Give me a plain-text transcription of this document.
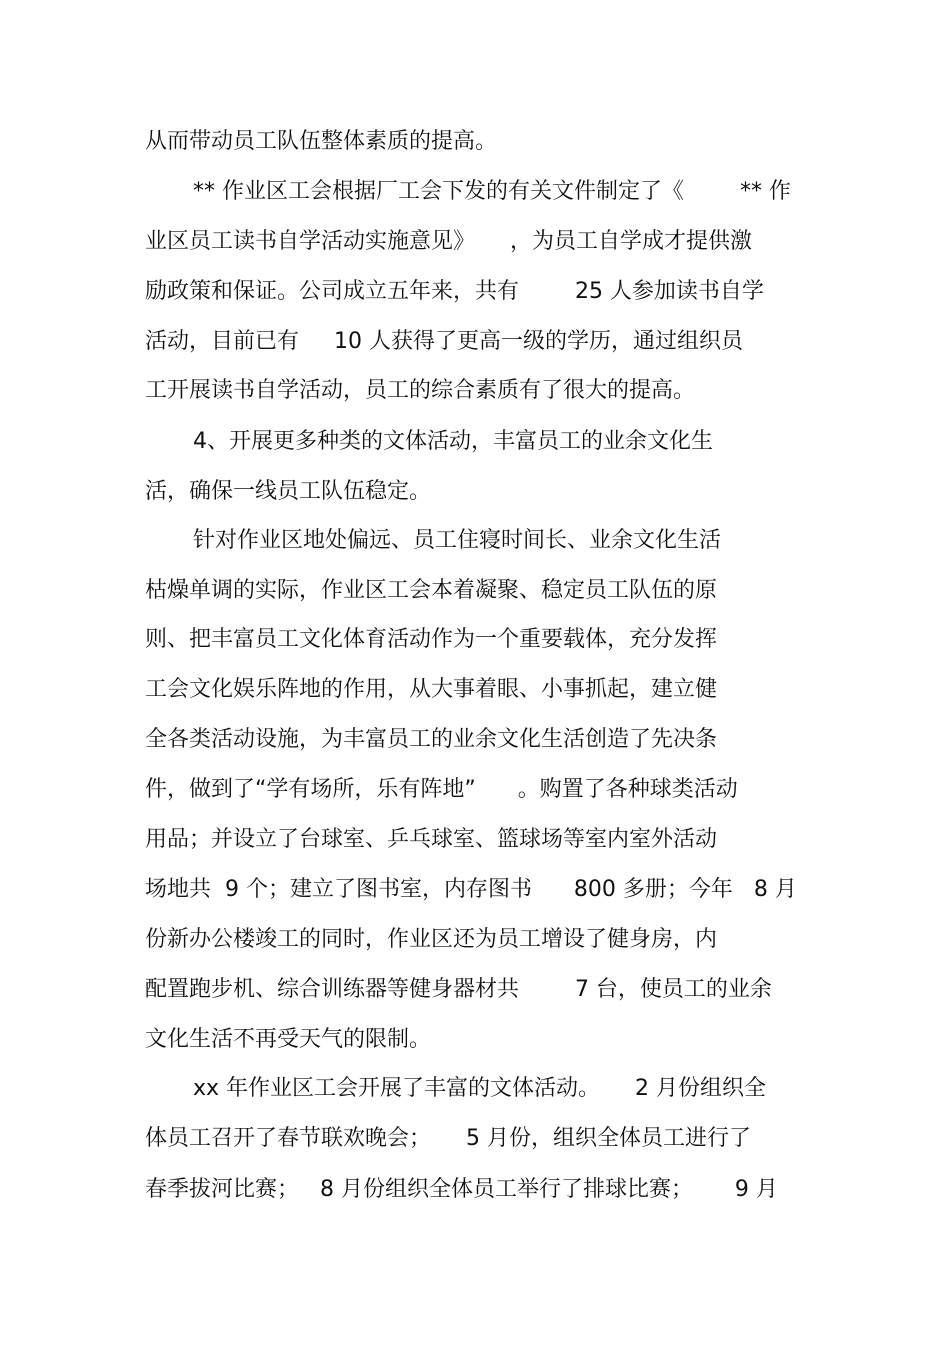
从而带动员工队伍整体素质的提高。
** 作业区工会根据厂工会下发的有关文件制定了《        ** 作
业区员工读书自学活动实施意见》     ，为员工自学成才提供激
励政策和保证。公司成立五年来，共有        25 人参加读书自学
活动，目前已有     10 人获得了更高一级的学历，通过组织员
工开展读书自学活动，员工的综合素质有了很大的提高。
4、开展更多种类的文体活动，丰富员工的业余文化生
活，确保一线员工队伍稳定。
针对作业区地处偏远、员工住寝时间长、业余文化生活
枯燥单调的实际，作业区工会本着凝聚、稳定员工队伍的原
则、把丰富员工文化体育活动作为一个重要载体，充分发挥
工会文化娱乐阵地的作用，从大事着眼、小事抓起，建立健
全各类活动设施，为丰富员工的业余文化生活创造了先决条
件，做到了“学有场所，乐有阵地”      。购置了各种球类活动
用品；并设立了台球室、乒乓球室、篮球场等室内室外活动
场地共  9 个；建立了图书室，内存图书      800 多册；今年   8 月
份新办公楼竣工的同时，作业区还为员工增设了健身房，内
配置跑步机、综合训练器等健身器材共        7 台，使员工的业余
文化生活不再受天气的限制。
xx 年作业区工会开展了丰富的文体活动。     2 月份组织全
体员工召开了春节联欢晚会；     5 月份，组织全体员工进行了
春季拔河比赛；   8 月份组织全体员工举行了排球比赛；      9 月
